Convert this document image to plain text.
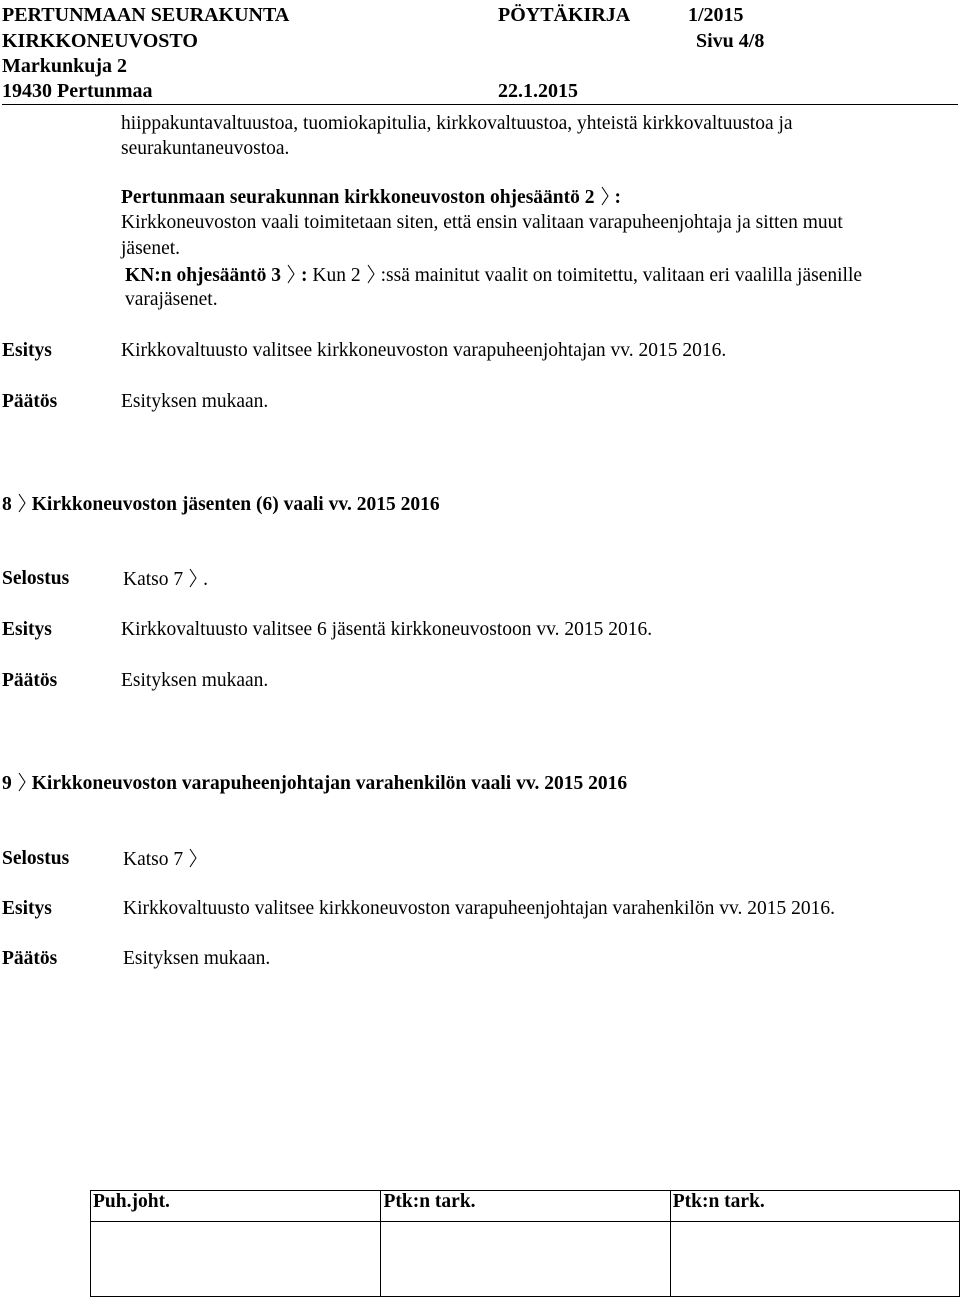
PERTUNMAAN SEURAKUNTA	PÖYTÄKIRJA	1/2015
KIRKKONEUVOSTO	Sivu 4/8
Markunkuja 2
19430 Pertunmaa	22.1.2015
hiippakuntavaltuustoa, tuomiokapitulia, kirkkovaltuustoa, yhteistä kirkkovaltuustoa ja
seurakuntaneuvostoa.
Pertunmaan seurakunnan kirkkoneuvoston ohjesääntö 2 :
Kirkkoneuvoston vaali toimitetaan siten, että ensin valitaan varapuheenjohtaja ja sitten muut
jäsenet.
KN:n ohjesääntö 3 : Kun 2 :ssä mainitut vaalit on toimitettu, valitaan eri vaalilla jäsenille
varajäsenet.
Esitys	Kirkkovaltuusto valitsee kirkkoneuvoston varapuheenjohtajan vv. 2015 2016.
Päätös	Esityksen mukaan.
8 Kirkkoneuvoston jäsenten (6) vaali vv. 2015 2016
Selostus	Katso 7 .
Esitys	Kirkkovaltuusto valitsee 6 jäsentä kirkkoneuvostoon vv. 2015 2016.
Päätös	Esityksen mukaan.
9 Kirkkoneuvoston varapuheenjohtajan varahenkilön vaali vv. 2015 2016
Selostus	Katso 7
Esitys	Kirkkovaltuusto valitsee kirkkoneuvoston varapuheenjohtajan varahenkilön vv. 2015 2016.
Päätös	Esityksen mukaan.
Puh.joht.	Ptk:n tark.	Ptk:n tark.
